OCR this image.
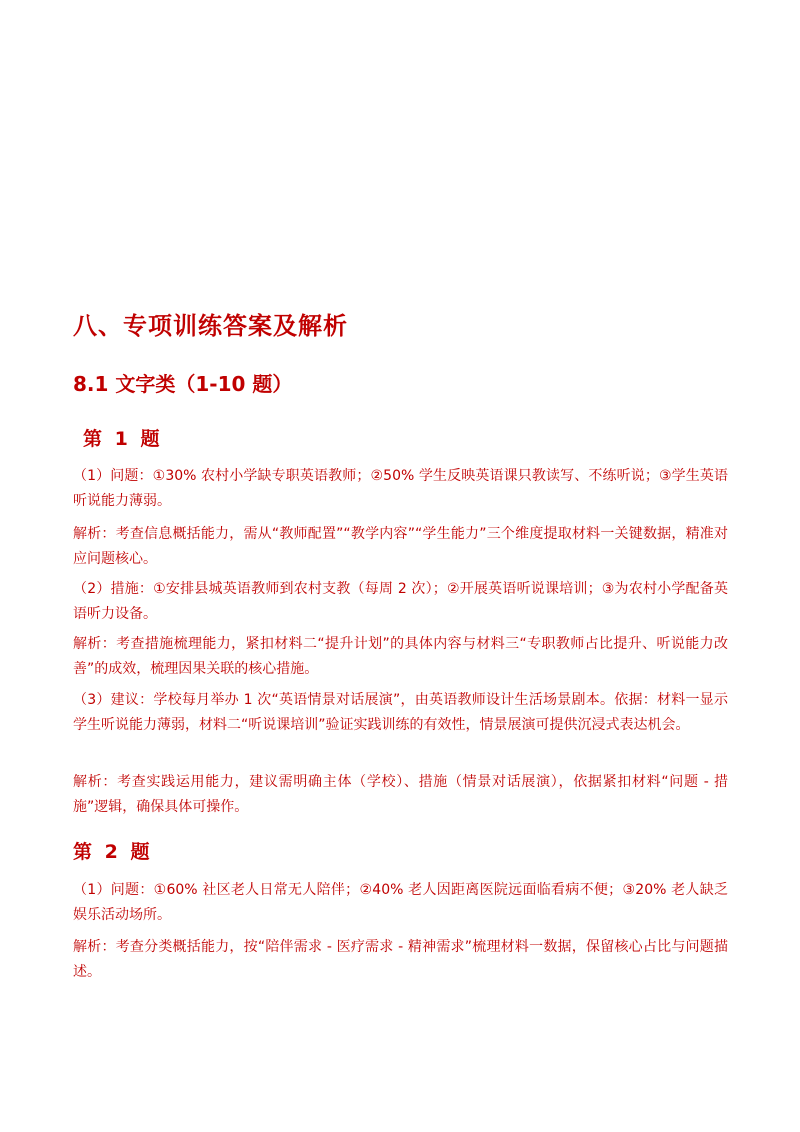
八、专项训练答案及解析
8.1 文字类（1-10 题）
第 1 题

（1）问题：①30% 农村小学缺专职英语教师；②50% 学生反映英语课只教读写、不练听说；③学生英语听说能力薄弱。

解析：考查信息概括能力，需从“教师配置”“教学内容”“学生能力”三个维度提取材料一关键数据，精准对应问题核心。

（2）措施：①安排县城英语教师到农村支教（每周 2 次）；②开展英语听说课培训；③为农村小学配备英语听力设备。

解析：考查措施梳理能力，紧扣材料二“提升计划”的具体内容与材料三“专职教师占比提升、听说能力改善”的成效，梳理因果关联的核心措施。

（3）建议：学校每月举办 1 次“英语情景对话展演”，由英语教师设计生活场景剧本。依据：材料一显示学生听说能力薄弱，材料二“听说课培训”验证实践训练的有效性，情景展演可提供沉浸式表达机会。

解析：考查实践运用能力，建议需明确主体（学校）、措施（情景对话展演），依据紧扣材料“问题 - 措施”逻辑，确保具体可操作。

第 2 题

（1）问题：①60% 社区老人日常无人陪伴；②40% 老人因距离医院远面临看病不便；③20% 老人缺乏娱乐活动场所。

解析：考查分类概括能力，按“陪伴需求 - 医疗需求 - 精神需求”梳理材料一数据，保留核心占比与问题描述。
